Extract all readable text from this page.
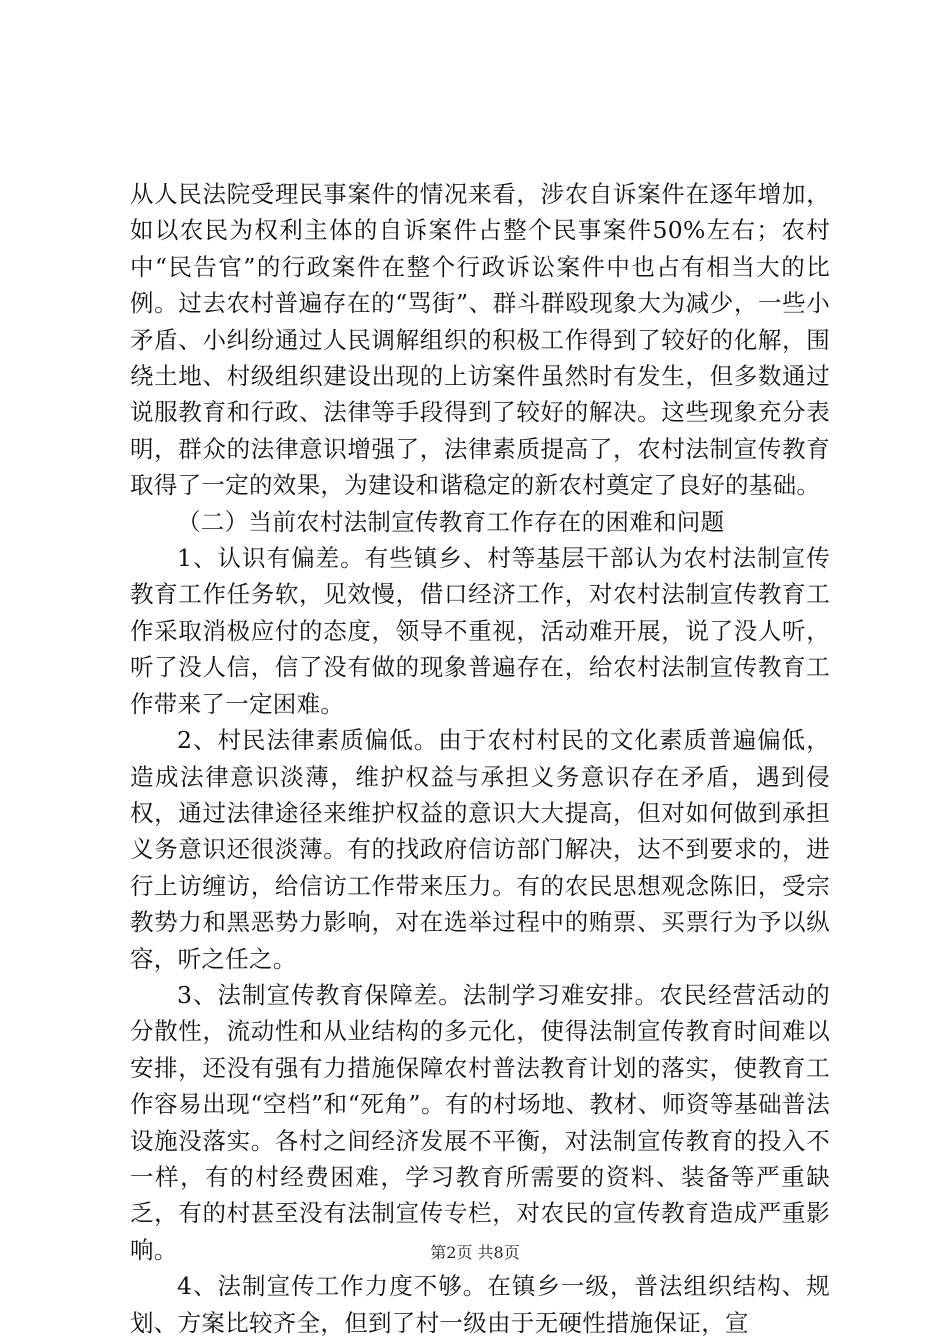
从人民法院受理民事案件的情况来看，涉农自诉案件在逐年增加，如以农民为权利主体的自诉案件占整个民事案件50%左右；农村中“民告官”的行政案件在整个行政诉讼案件中也占有相当大的比例。过去农村普遍存在的“骂街”、群斗群殴现象大为减少，一些小矛盾、小纠纷通过人民调解组织的积极工作得到了较好的化解，围绕土地、村级组织建设出现的上访案件虽然时有发生，但多数通过说服教育和行政、法律等手段得到了较好的解决。这些现象充分表明，群众的法律意识增强了，法律素质提高了，农村法制宣传教育取得了一定的效果，为建设和谐稳定的新农村奠定了良好的基础。

（二）当前农村法制宣传教育工作存在的困难和问题

1、认识有偏差。有些镇乡、村等基层干部认为农村法制宣传教育工作任务软，见效慢，借口经济工作，对农村法制宣传教育工作采取消极应付的态度，领导不重视，活动难开展，说了没人听，听了没人信，信了没有做的现象普遍存在，给农村法制宣传教育工作带来了一定困难。

2、村民法律素质偏低。由于农村村民的文化素质普遍偏低，造成法律意识淡薄，维护权益与承担义务意识存在矛盾，遇到侵权，通过法律途径来维护权益的意识大大提高，但对如何做到承担义务意识还很淡薄。有的找政府信访部门解决，达不到要求的，进行上访缠访，给信访工作带来压力。有的农民思想观念陈旧，受宗教势力和黑恶势力影响，对在选举过程中的贿票、买票行为予以纵容，听之任之。

3、法制宣传教育保障差。法制学习难安排。农民经营活动的分散性，流动性和从业结构的多元化，使得法制宣传教育时间难以安排，还没有强有力措施保障农村普法教育计划的落实，使教育工作容易出现“空档”和“死角”。有的村场地、教材、师资等基础普法设施没落实。各村之间经济发展不平衡，对法制宣传教育的投入不一样，有的村经费困难，学习教育所需要的资料、装备等严重缺乏，有的村甚至没有法制宣传专栏，对农民的宣传教育造成严重影响。

4、法制宣传工作力度不够。在镇乡一级，普法组织结构、规划、方案比较齐全，但到了村一级由于无硬性措施保证，宣

第2页 共8页
